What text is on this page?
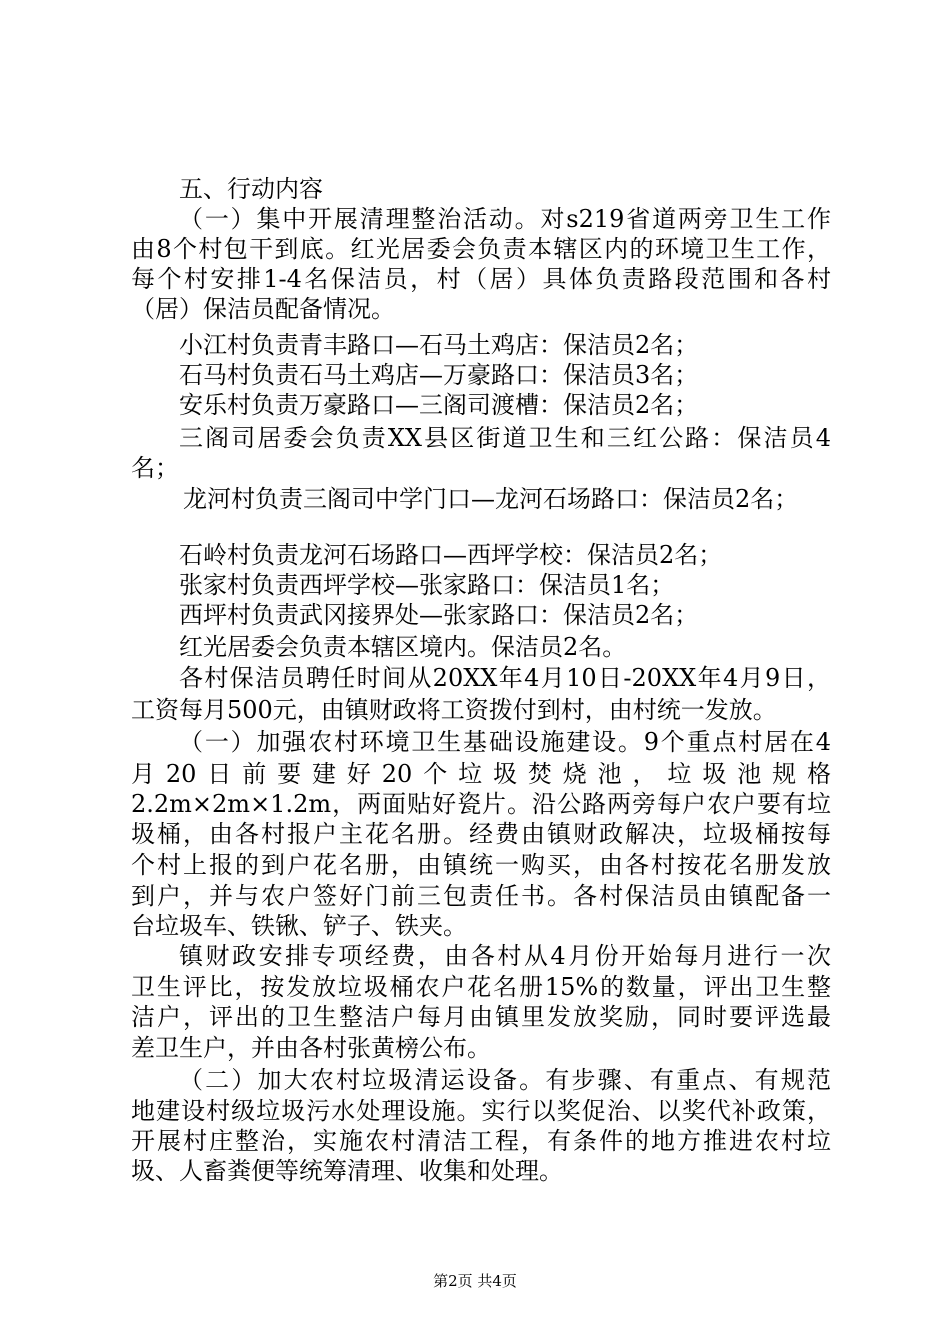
五、行动内容
（一）集中开展清理整治活动。对s219省道两旁卫生工作
由8个村包干到底。红光居委会负责本辖区内的环境卫生工作，
每个村安排1-4名保洁员，村（居）具体负责路段范围和各村
（居）保洁员配备情况。
小江村负责青丰路口—石马土鸡店：保洁员2名；
石马村负责石马土鸡店—万豪路口：保洁员3名；
安乐村负责万豪路口—三阁司渡槽：保洁员2名；
三阁司居委会负责XX县区街道卫生和三红公路：保洁员4
名；
龙河村负责三阁司中学门口—龙河石场路口：保洁员2名；
石岭村负责龙河石场路口—西坪学校：保洁员2名；
张家村负责西坪学校—张家路口：保洁员1名；
西坪村负责武冈接界处—张家路口：保洁员2名；
红光居委会负责本辖区境内。保洁员2名。
各村保洁员聘任时间从20XX年4月10日-20XX年4月9日，
工资每月500元，由镇财政将工资拨付到村，由村统一发放。
（一）加强农村环境卫生基础设施建设。9个重点村居在4
月20日前要建好20个垃圾焚烧池，垃圾池规格
2.2m×2m×1.2m，两面贴好瓷片。沿公路两旁每户农户要有垃
圾桶，由各村报户主花名册。经费由镇财政解决，垃圾桶按每
个村上报的到户花名册，由镇统一购买，由各村按花名册发放
到户，并与农户签好门前三包责任书。各村保洁员由镇配备一
台垃圾车、铁锹、铲子、铁夹。
镇财政安排专项经费，由各村从4月份开始每月进行一次
卫生评比，按发放垃圾桶农户花名册15%的数量，评出卫生整
洁户，评出的卫生整洁户每月由镇里发放奖励，同时要评选最
差卫生户，并由各村张黄榜公布。
（二）加大农村垃圾清运设备。有步骤、有重点、有规范
地建设村级垃圾污水处理设施。实行以奖促治、以奖代补政策，
开展村庄整治，实施农村清洁工程，有条件的地方推进农村垃
圾、人畜粪便等统筹清理、收集和处理。
第2页 共4页
